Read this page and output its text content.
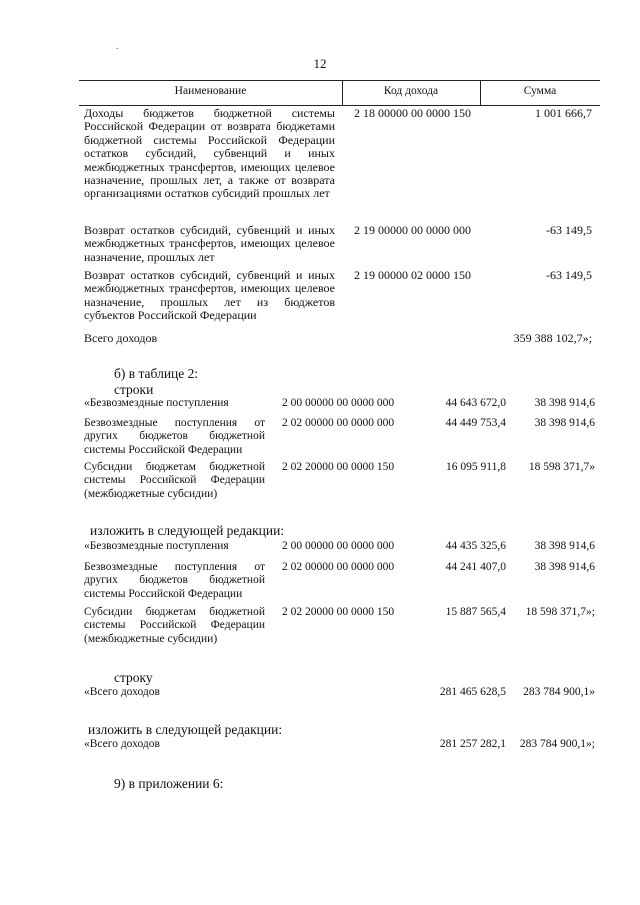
.
12
Наименование	Код дохода	Сумма
Доходы бюджетов бюджетной системы Российской Федерации от возврата бюджетами бюджетной системы Российской Федерации остатков субсидий, субвенций и иных межбюджетных трансфертов, имеющих целевое назначение, прошлых лет, а также от возврата организациями остатков субсидий прошлых лет
2 18 00000 00 0000 150	1 001 666,7
Возврат остатков субсидий, субвенций и иных межбюджетных трансфертов, имеющих целевое назначение, прошлых лет
2 19 00000 00 0000 000	-63 149,5
Возврат остатков субсидий, субвенций и иных межбюджетных трансфертов, имеющих целевое назначение, прошлых лет из бюджетов субъектов Российской Федерации
2 19 00000 02 0000 150	-63 149,5
Всего доходов	359 388 102,7»;
б) в таблице 2:
строки
«Безвозмездные поступления	2 00 00000 00 0000 000	44 643 672,0 38 398 914,6
Безвозмездные поступления от других бюджетов бюджетной системы Российской Федерации
2 02 00000 00 0000 000	44 449 753,4 38 398 914,6
Субсидии бюджетам бюджетной системы Российской Федерации (межбюджетные субсидии)
2 02 20000 00 0000 150	16 095 911,8 18 598 371,7»
изложить в следующей редакции:
«Безвозмездные поступления	2 00 00000 00 0000 000	44 435 325,6 38 398 914,6
Безвозмездные поступления от других бюджетов бюджетной системы Российской Федерации
2 02 00000 00 0000 000	44 241 407,0 38 398 914,6
Субсидии бюджетам бюджетной системы Российской Федерации (межбюджетные субсидии)
2 02 20000 00 0000 150	15 887 565,4 18 598 371,7»;
строку
«Всего доходов	281 465 628,5 283 784 900,1»
изложить в следующей редакции:
«Всего доходов	281 257 282,1 283 784 900,1»;
9) в приложении 6:
